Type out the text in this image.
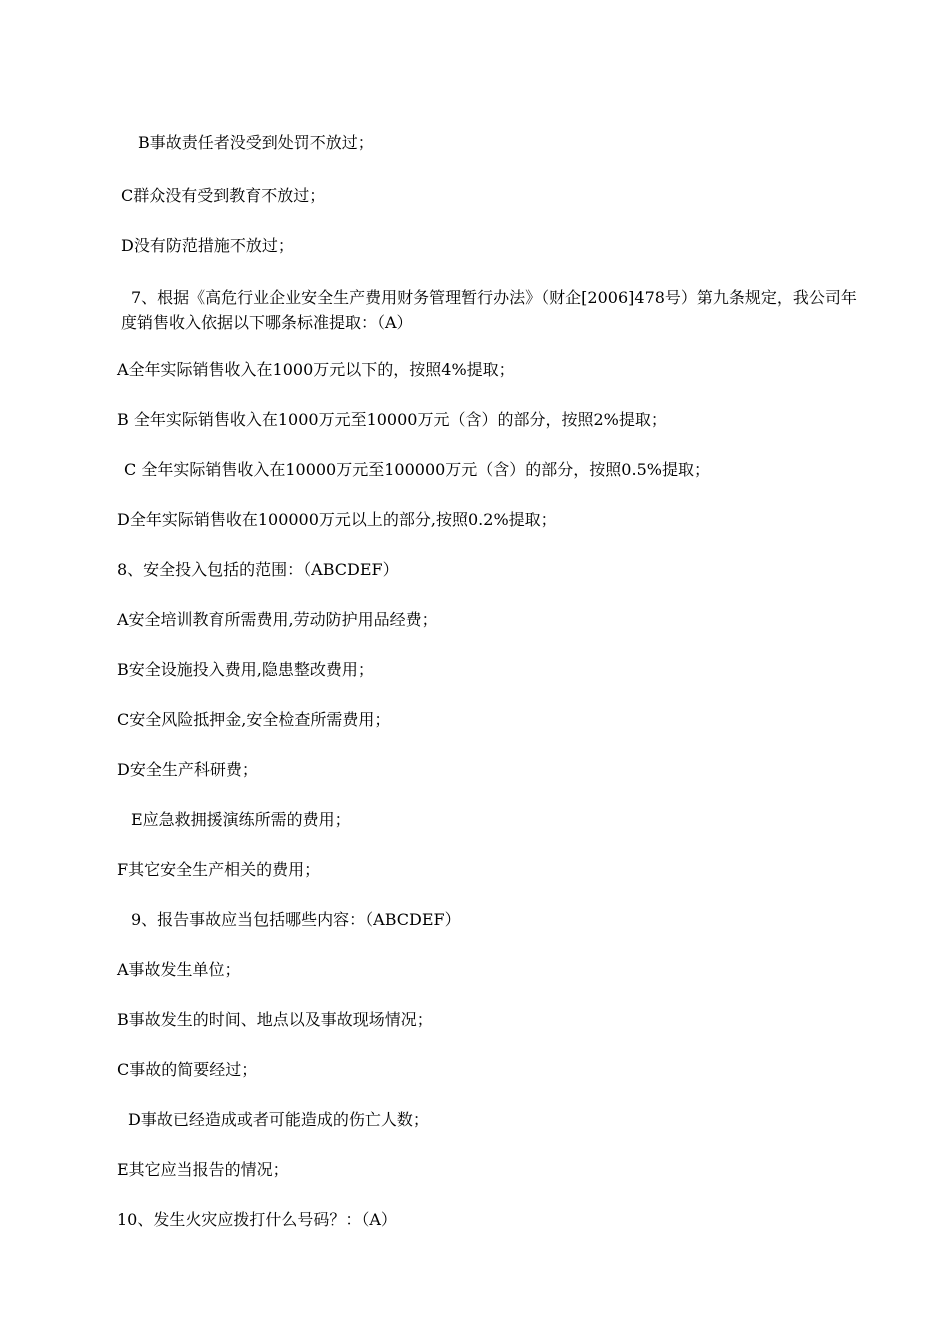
B事故责任者没受到处罚不放过；
C群众没有受到教育不放过；
D没有防范措施不放过；
7、根据《高危行业企业安全生产费用财务管理暂行办法》（财企[2006]478号）第九条规定，我公司年度销售收入依据以下哪条标准提取：（A）
A全年实际销售收入在1000万元以下的，按照4%提取；
B 全年实际销售收入在1000万元至10000万元（含）的部分，按照2%提取；
C 全年实际销售收入在10000万元至100000万元（含）的部分，按照0.5%提取；
D全年实际销售收在100000万元以上的部分,按照0.2%提取；
8、安全投入包括的范围：（ABCDEF）
A安全培训教育所需费用,劳动防护用品经费；
B安全设施投入费用,隐患整改费用；
C安全风险抵押金,安全检查所需费用；
D安全生产科研费；
E应急救拥援演练所需的费用；
F其它安全生产相关的费用；
9、报告事故应当包括哪些内容：（ABCDEF）
A事故发生单位；
B事故发生的时间、地点以及事故现场情况；
C事故的简要经过；
D事故已经造成或者可能造成的伤亡人数；
E其它应当报告的情况；
10、发生火灾应拨打什么号码？：（A）
